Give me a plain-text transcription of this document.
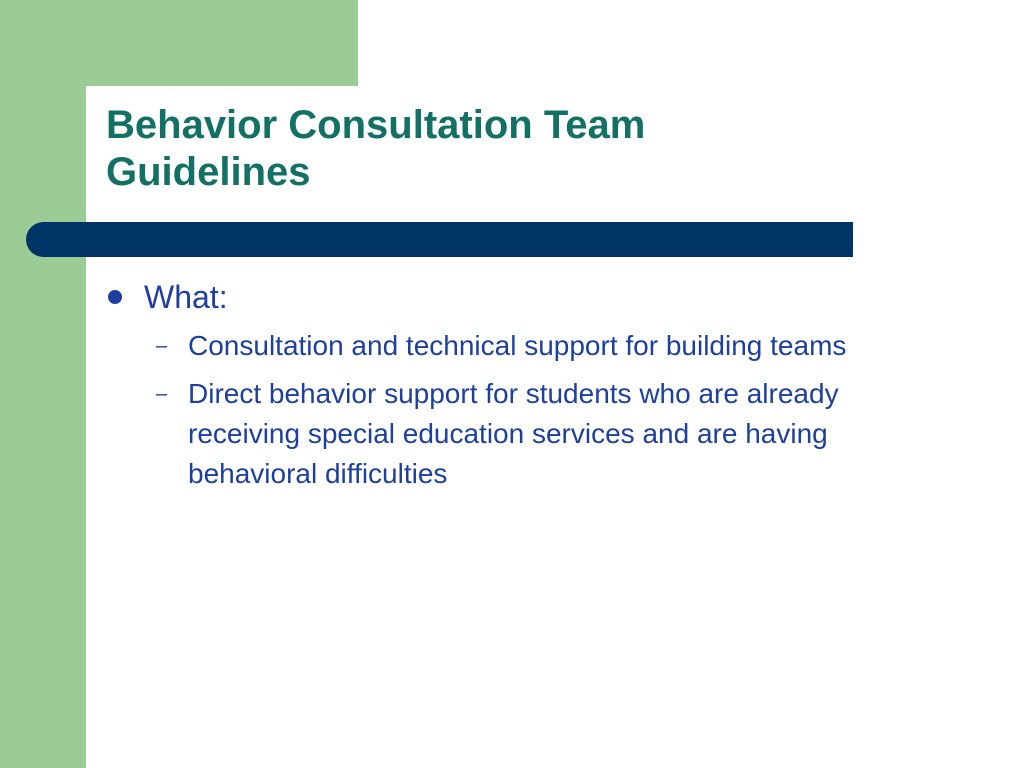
Behavior Consultation Team
Guidelines
What:
– Consultation and technical support for building teams
– Direct behavior support for students who are already receiving special education services and are having behavioral difficulties
